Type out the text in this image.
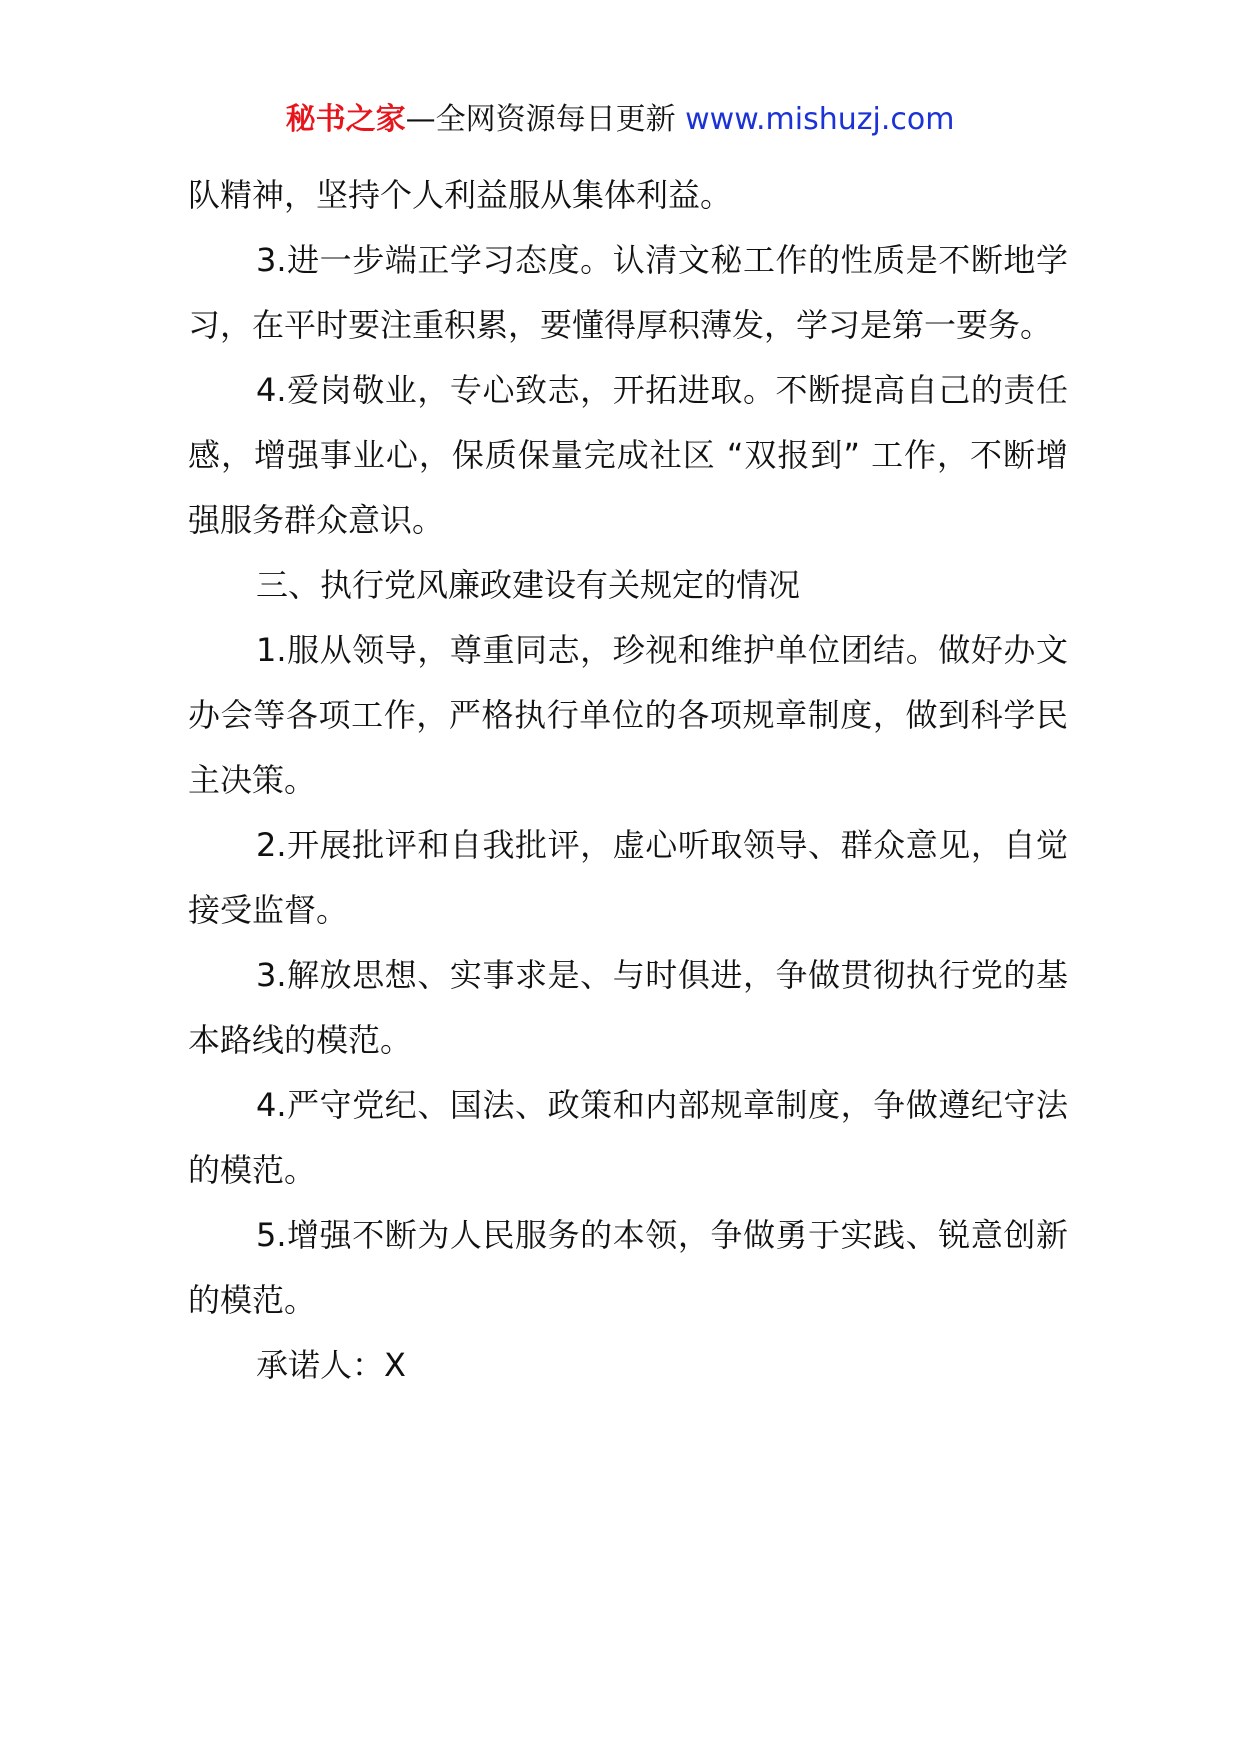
秘书之家—全网资源每日更新 www.mishuzj.com

队精神，坚持个人利益服从集体利益。

3.进一步端正学习态度。认清文秘工作的性质是不断地学习，在平时要注重积累，要懂得厚积薄发，学习是第一要务。

4.爱岗敬业，专心致志，开拓进取。不断提高自己的责任感，增强事业心，保质保量完成社区 “双报到” 工作，不断增强服务群众意识。

三、执行党风廉政建设有关规定的情况

1.服从领导，尊重同志，珍视和维护单位团结。做好办文办会等各项工作，严格执行单位的各项规章制度，做到科学民主决策。

2.开展批评和自我批评，虚心听取领导、群众意见，自觉接受监督。

3.解放思想、实事求是、与时俱进，争做贯彻执行党的基本路线的模范。

4.严守党纪、国法、政策和内部规章制度，争做遵纪守法的模范。

5.增强不断为人民服务的本领，争做勇于实践、锐意创新的模范。

承诺人：X
